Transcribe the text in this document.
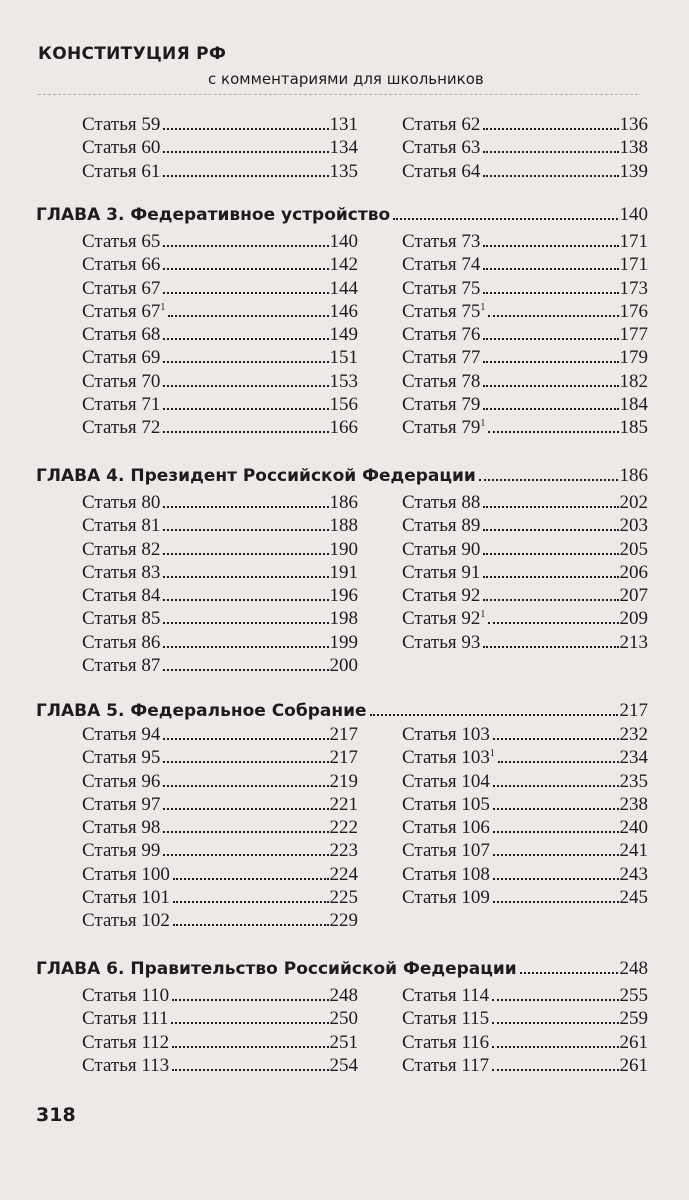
КОНСТИТУЦИЯ РФ
с комментариями для школьников
Статья 59	131
Статья 60	134
Статья 61	135
Статья 62	136
Статья 63	138
Статья 64	139
ГЛАВА 3. Федеративное устройство	140
Статья 65	140
Статья 66	142
Статья 67	144
Статья $67^1$	146
Статья 68	149
Статья 69	151
Статья 70	153
Статья 71	156
Статья 72	166
Статья 73	171
Статья 74	171
Статья 75	173
Статья $75^1$	176
Статья 76	177
Статья 77	179
Статья 78	182
Статья 79	184
Статья $79^1$	185
ГЛАВА 4. Президент Российской Федерации	186
Статья 80	186
Статья 81	188
Статья 82	190
Статья 83	191
Статья 84	196
Статья 85	198
Статья 86	199
Статья 87	200
Статья 88	202
Статья 89	203
Статья 90	205
Статья 91	206
Статья 92	207
Статья $92^1$	209
Статья 93	213
ГЛАВА 5. Федеральное Собрание	217
Статья 94	217
Статья 95	217
Статья 96	219
Статья 97	221
Статья 98	222
Статья 99	223
Статья 100	224
Статья 101	225
Статья 102	229
Статья 103	232
Статья $103^1$	234
Статья 104	235
Статья 105	238
Статья 106	240
Статья 107	241
Статья 108	243
Статья 109	245
ГЛАВА 6. Правительство Российской Федерации	248
Статья 110	248
Статья 111	250
Статья 112	251
Статья 113	254
Статья 114	255
Статья 115	259
Статья 116	261
Статья 117	261
318
